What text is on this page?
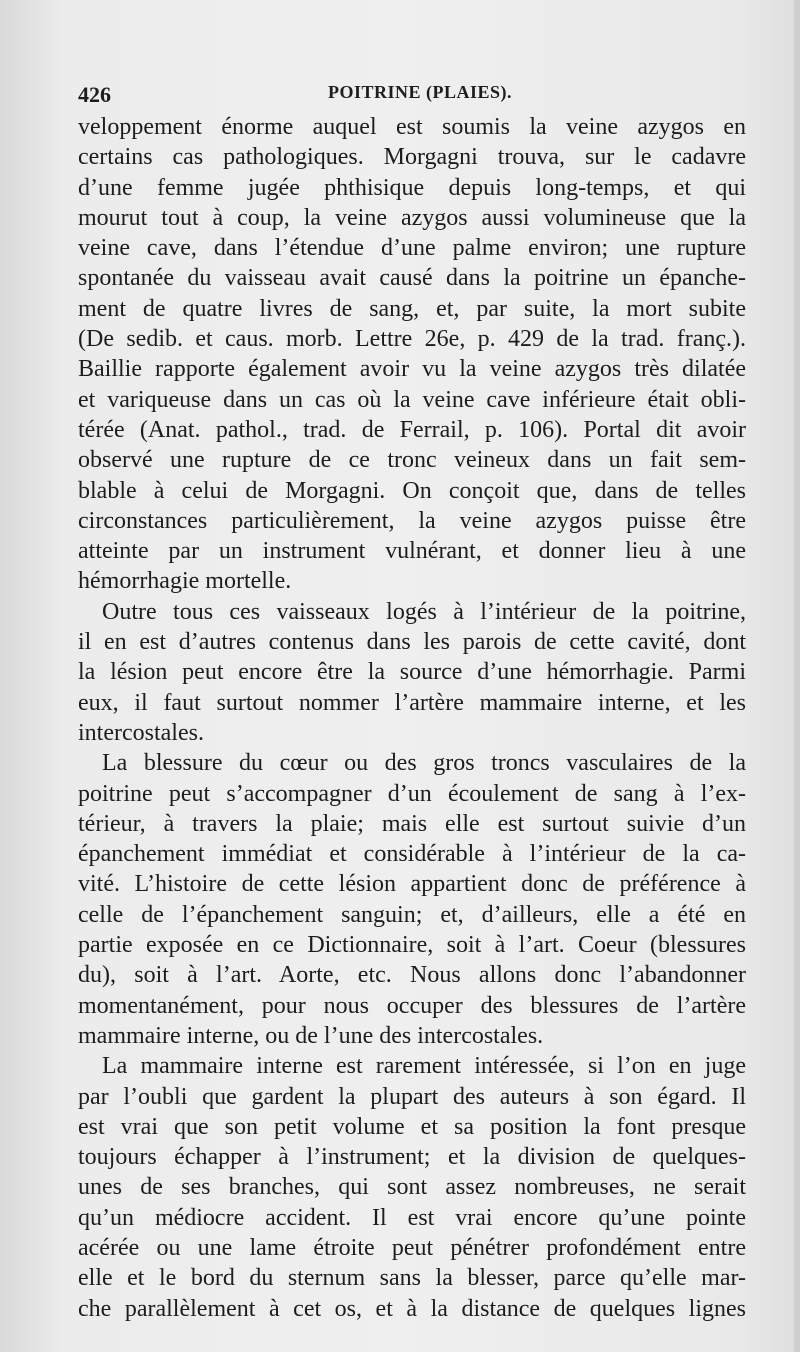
426	POITRINE (PLAIES).
veloppement énorme auquel est soumis la veine azygos en
certains cas pathologiques. Morgagni trouva, sur le cadavre
d’une femme jugée phthisique depuis long-temps, et qui
mourut tout à coup, la veine azygos aussi volumineuse que la
veine cave, dans l’étendue d’une palme environ; une rupture
spontanée du vaisseau avait causé dans la poitrine un épanche-
ment de quatre livres de sang, et, par suite, la mort subite
(De sedib. et caus. morb. Lettre 26e, p. 429 de la trad. franç.).
Baillie rapporte également avoir vu la veine azygos très dilatée
et variqueuse dans un cas où la veine cave inférieure était obli-
térée (Anat. pathol., trad. de Ferrail, p. 106). Portal dit avoir
observé une rupture de ce tronc veineux dans un fait sem-
blable à celui de Morgagni. On conçoit que, dans de telles
circonstances particulièrement, la veine azygos puisse être
atteinte par un instrument vulnérant, et donner lieu à une
hémorrhagie mortelle.
Outre tous ces vaisseaux logés à l’intérieur de la poitrine,
il en est d’autres contenus dans les parois de cette cavité, dont
la lésion peut encore être la source d’une hémorrhagie. Parmi
eux, il faut surtout nommer l’artère mammaire interne, et les
intercostales.
La blessure du cœur ou des gros troncs vasculaires de la
poitrine peut s’accompagner d’un écoulement de sang à l’ex-
térieur, à travers la plaie; mais elle est surtout suivie d’un
épanchement immédiat et considérable à l’intérieur de la ca-
vité. L’histoire de cette lésion appartient donc de préférence à
celle de l’épanchement sanguin; et, d’ailleurs, elle a été en
partie exposée en ce Dictionnaire, soit à l’art. Coeur (blessures
du), soit à l’art. Aorte, etc. Nous allons donc l’abandonner
momentanément, pour nous occuper des blessures de l’artère
mammaire interne, ou de l’une des intercostales.
La mammaire interne est rarement intéressée, si l’on en juge
par l’oubli que gardent la plupart des auteurs à son égard. Il
est vrai que son petit volume et sa position la font presque
toujours échapper à l’instrument; et la division de quelques-
unes de ses branches, qui sont assez nombreuses, ne serait
qu’un médiocre accident. Il est vrai encore qu’une pointe
acérée ou une lame étroite peut pénétrer profondément entre
elle et le bord du sternum sans la blesser, parce qu’elle mar-
che parallèlement à cet os, et à la distance de quelques lignes
